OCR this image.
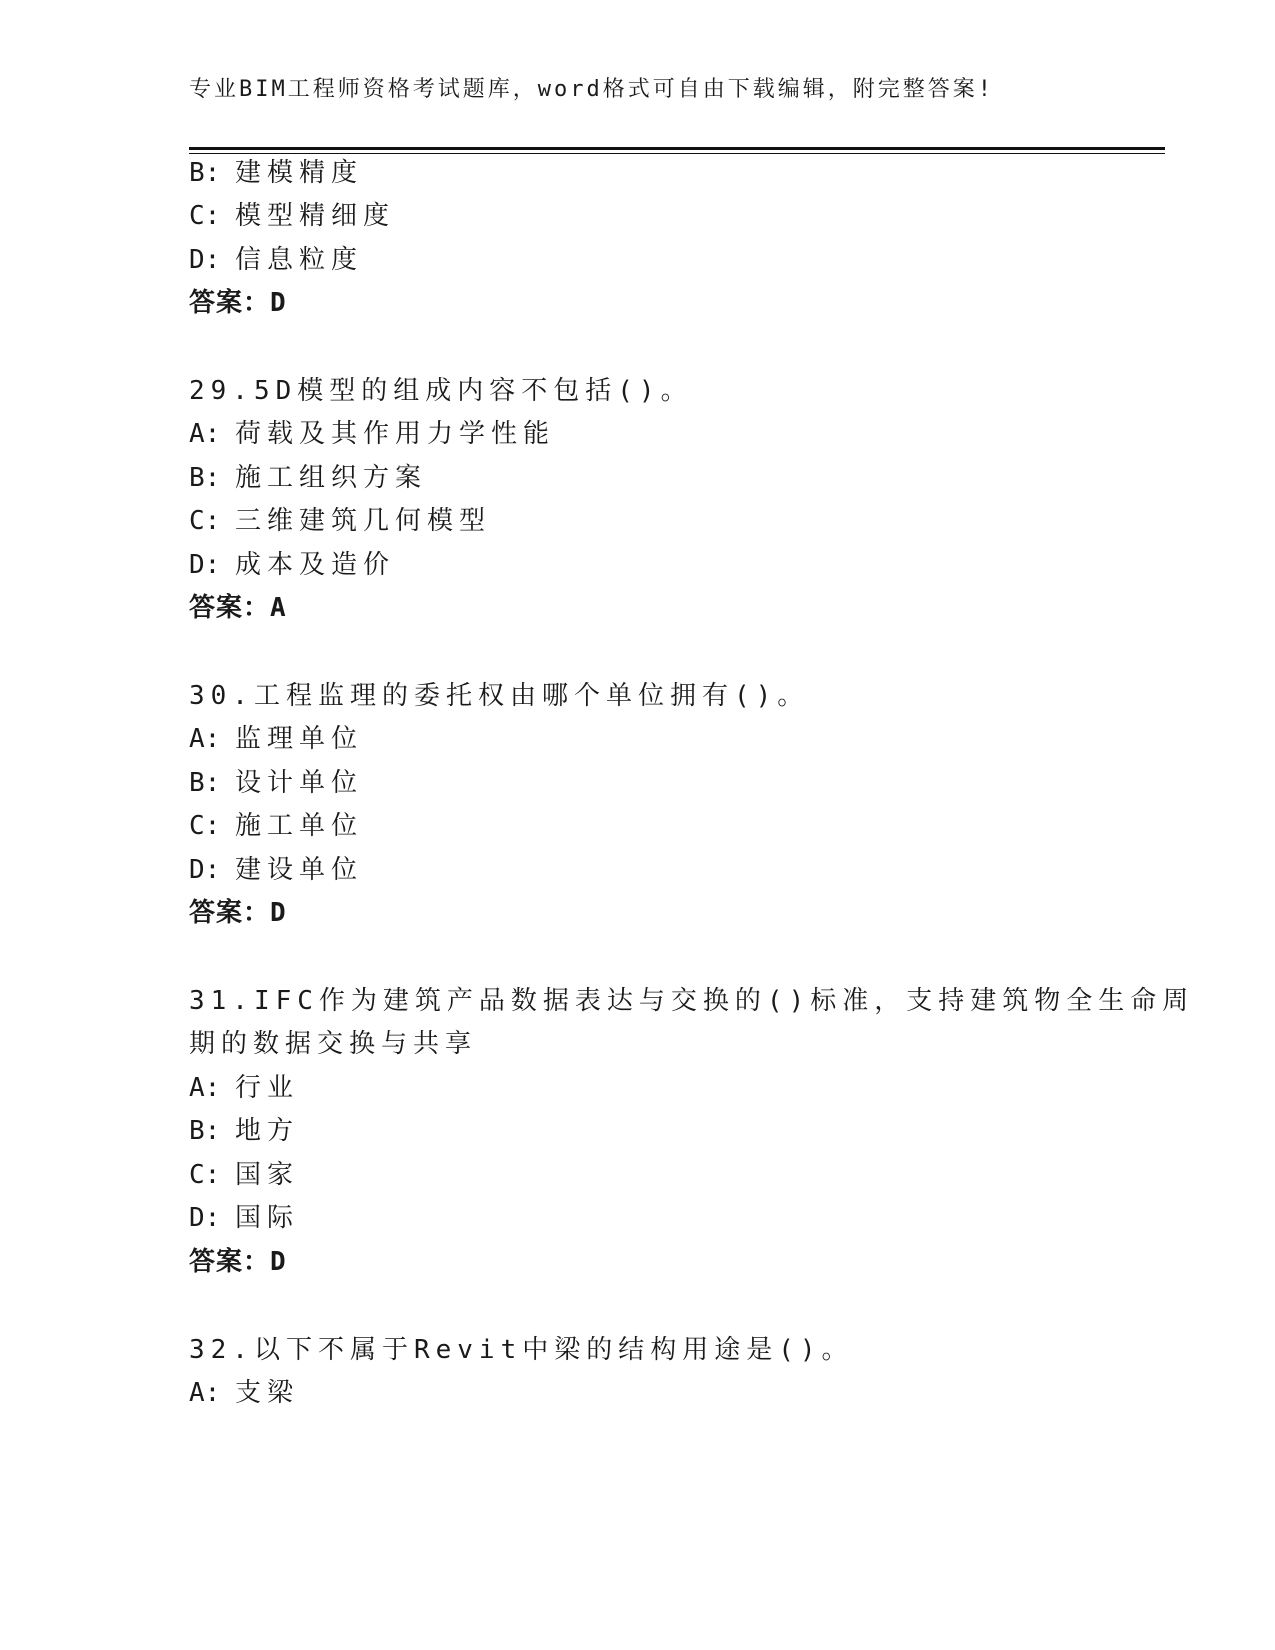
专业BIM工程师资格考试题库，word格式可自由下载编辑，附完整答案!
B: 建模精度
C: 模型精细度
D: 信息粒度
答案：D
29.5D模型的组成内容不包括()。
A: 荷载及其作用力学性能
B: 施工组织方案
C: 三维建筑几何模型
D: 成本及造价
答案：A
30.工程监理的委托权由哪个单位拥有()。
A: 监理单位
B: 设计单位
C: 施工单位
D: 建设单位
答案：D
31.IFC作为建筑产品数据表达与交换的()标准，支持建筑物全生命周
期的数据交换与共享
A: 行业
B: 地方
C: 国家
D: 国际
答案：D
32.以下不属于Revit中梁的结构用途是()。
A: 支梁
